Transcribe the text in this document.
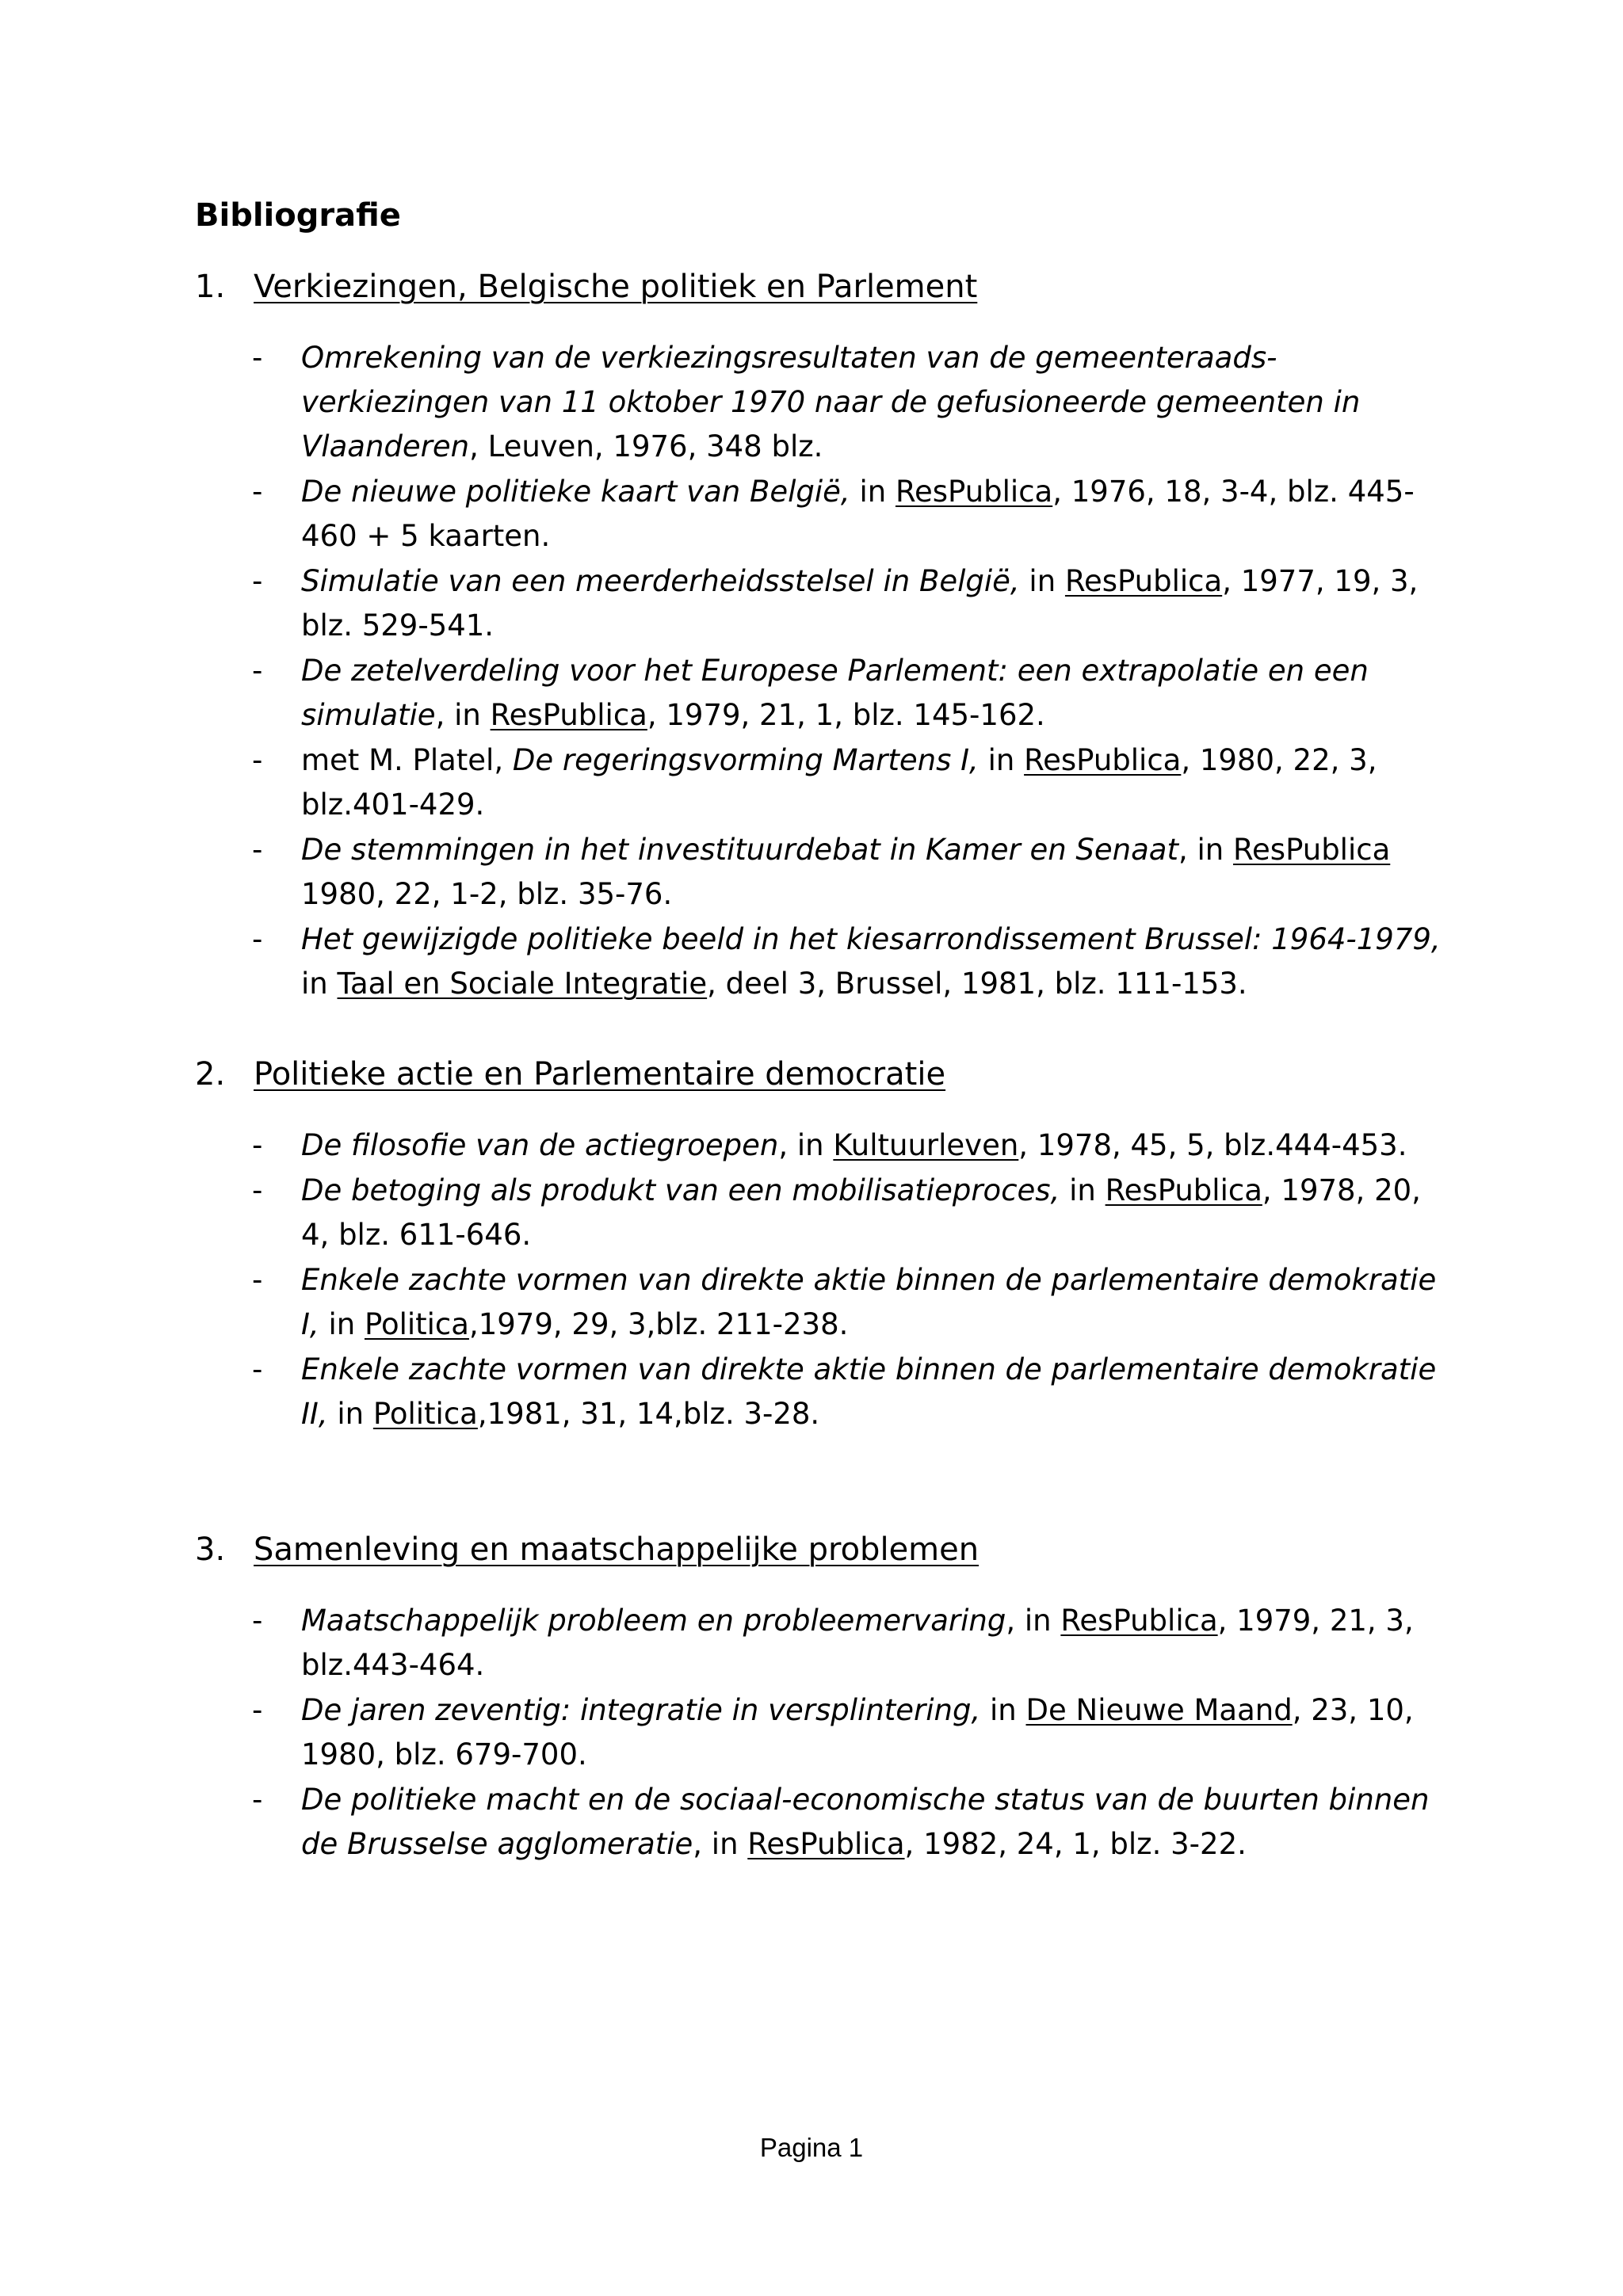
Bibliografie
1. Verkiezingen, Belgische politiek en Parlement
- Omrekening van de verkiezingsresultaten van de gemeenteraads-verkiezingen van 11 oktober 1970 naar de gefusioneerde gemeenten in Vlaanderen, Leuven, 1976, 348 blz.
- De nieuwe politieke kaart van België, in ResPublica, 1976, 18, 3-4, blz. 445-460 + 5 kaarten.
- Simulatie van een meerderheidsstelsel in België, in ResPublica, 1977, 19, 3, blz. 529-541.
- De zetelverdeling voor het Europese Parlement: een extrapolatie en een simulatie, in ResPublica, 1979, 21, 1, blz. 145-162.
- met M. Platel, De regeringsvorming Martens I, in ResPublica, 1980, 22, 3, blz.401-429.
- De stemmingen in het investituurdebat in Kamer en Senaat, in ResPublica 1980, 22, 1-2, blz. 35-76.
- Het gewijzigde politieke beeld in het kiesarrondissement Brussel: 1964-1979, in Taal en Sociale Integratie, deel 3, Brussel, 1981, blz. 111-153.
2. Politieke actie en Parlementaire democratie
- De filosofie van de actiegroepen, in Kultuurleven, 1978, 45, 5, blz.444-453.
- De betoging als produkt van een mobilisatieproces, in ResPublica, 1978, 20, 4, blz. 611-646.
- Enkele zachte vormen van direkte aktie binnen de parlementaire demokratie I, in Politica,1979, 29, 3,blz. 211-238.
- Enkele zachte vormen van direkte aktie binnen de parlementaire demokratie II, in Politica,1981, 31, 14,blz. 3-28.
3. Samenleving en maatschappelijke problemen
- Maatschappelijk probleem en probleemervaring, in ResPublica, 1979, 21, 3, blz.443-464.
- De jaren zeventig: integratie in versplintering, in De Nieuwe Maand, 23, 10, 1980, blz. 679-700.
- De politieke macht en de sociaal-economische status van de buurten binnen de Brusselse agglomeratie, in ResPublica, 1982, 24, 1, blz. 3-22.
Pagina 1
